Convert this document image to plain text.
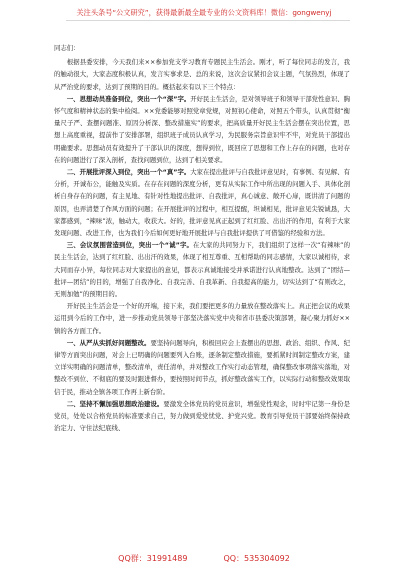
关注头条号“公文研究”，获得最新最全最专业的公文资料库！微信：gongwenyj

同志们：

根据县委安排，今天我们来××参加党支学习教育专题民主生活会。刚才，听了每位同志的发言，我的触动很大，大家态度积极认真，发言实事求是、总的来说，这次会议紧扣会议主题，气氛热烈，体现了从严治党的要求，达到了预期的目的。概括起来有以下三个特点：

一、思想动员准备到位，突出一个“深”字。开好民主生活会，是对领导班子和领导干部党性意识、胸怀气度和精神状态的集中检阅。××党委能够对照党章党规，对照初心使命，对照五个带头，认真贯彻“衡量尺子严、查摆问题准、原因分析深、整改措施实”的要求，把高质量开好民主生活会摆在突出位置，思想上高度重视，提前作了安排部署，组织班子成员认真学习，为民服务宗旨意识牢不牢，对党员干部提出明确要求。思想动员有效提升了干部认识的深度，想得到位，既回应了思想和工作上存在的问题，也对存在的问题进行了深入剖析，查找问题到位，达到了相关要求。

二、开展批评深入到位，突出一个“真”字。大家在提出批评与自我批评意见时，有事例、有见解、有分析，开诚布公，能触及实质。在存在问题的深度分析，更有从实际工作中所出现的问题入手、具体化剖析自身存在的问题，有主见地、有针对性地提出批评、自我批评，真心诚意、敞开心扉，既讲清了问题的原因，也弄清楚了作风方面的问题；在开展批评的过程中，相互提醒，坦诚相见，批评意见尖锐诚恳，大家都感到，“辣味”浓，触动大，收获大。好的，批评意见真正起到了红红脸、出出汗的作用，有利于大家发现问题、改进工作，也为我们今后如何更好地开展批评与自我批评提供了可借鉴的经验和方法。

三、会议氛围营造到位，突出一个“诚”字。在大家的共同努力下，我们组织了这样一次“有辣味”的民主生活会，达到了红红脸、出出汗的效果，体现了相互尊重、互相帮助的同志感情，大家以诚相待，求大同而存小异，每位同志对大家提出的意见，都表示真诚地接受并承诺进行认真地整改。达到了“团结—批评—团结”的目的，增强了自我净化、自我完善、自我革新、自我提高的能力，切实达到了“有则改之，无则加勉”的预期目的。

开好民主生活会是一个好的开端，接下来，我们要把更多的力量放在整改落实上。真正把会议的成果运用到今后的工作中，进一步推动党员领导干部坚决落实党中央和省市县委决策部署，凝心聚力抓好××镇的各方面工作。

一、从严从实抓好问题整改。要坚持问题导向，积极回应会上查摆出的思想、政治、组织、作风、纪律等方面突出问题，对会上已明确的问题要列入台账，逐条制定整改措施，要抓紧时间制定整改方案，建立详实明确的问题清单，整改清单，责任清单，并对整改工作实行动态管理，确保整改事项落实落地，对整改不到位、不彻底的要及时跟进督办，要按照时间节点，抓好整改落实工作，以实际行动和整改效果取信于民，推动全镇各项工作再上新台阶。

二、坚持不懈加强思想政治建设。要激发全体党员的党员意识，增强党性观念，时时牢记第一身份是党员，处处以合格党员的标准要求自己，努力做到爱党忧党、护党兴党。教育引导党员干部要始终保持政治定力、守住法纪底线、

QQ群：31991489	QQ：535304092
